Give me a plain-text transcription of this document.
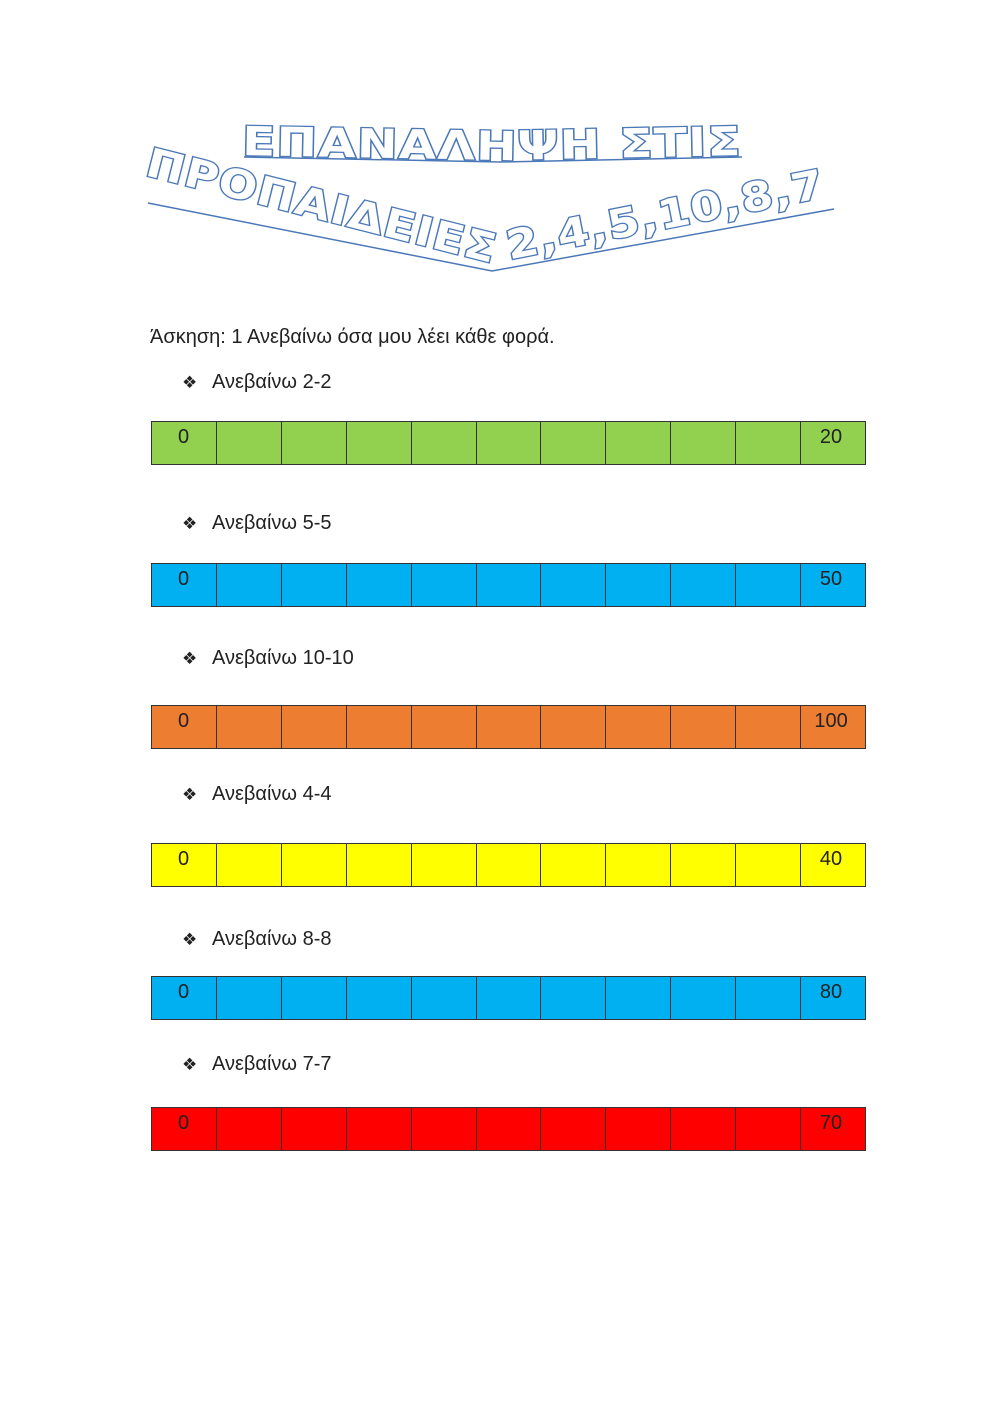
ΕΠΑΝΑΛΗΨΗ ΣΤΙΣ
ΠΡΟΠΑΙΔΕΙΕΣ 2,4,5,10,8,7

Άσκηση: 1 Ανεβαίνω όσα μου λέει κάθε φορά.

❖ Ανεβαίνω 2-2
0										20
❖ Ανεβαίνω 5-5
0										50
❖ Ανεβαίνω 10-10
0										100
❖ Ανεβαίνω 4-4
0										40
❖ Ανεβαίνω 8-8
0										80
❖ Ανεβαίνω 7-7
0										70
